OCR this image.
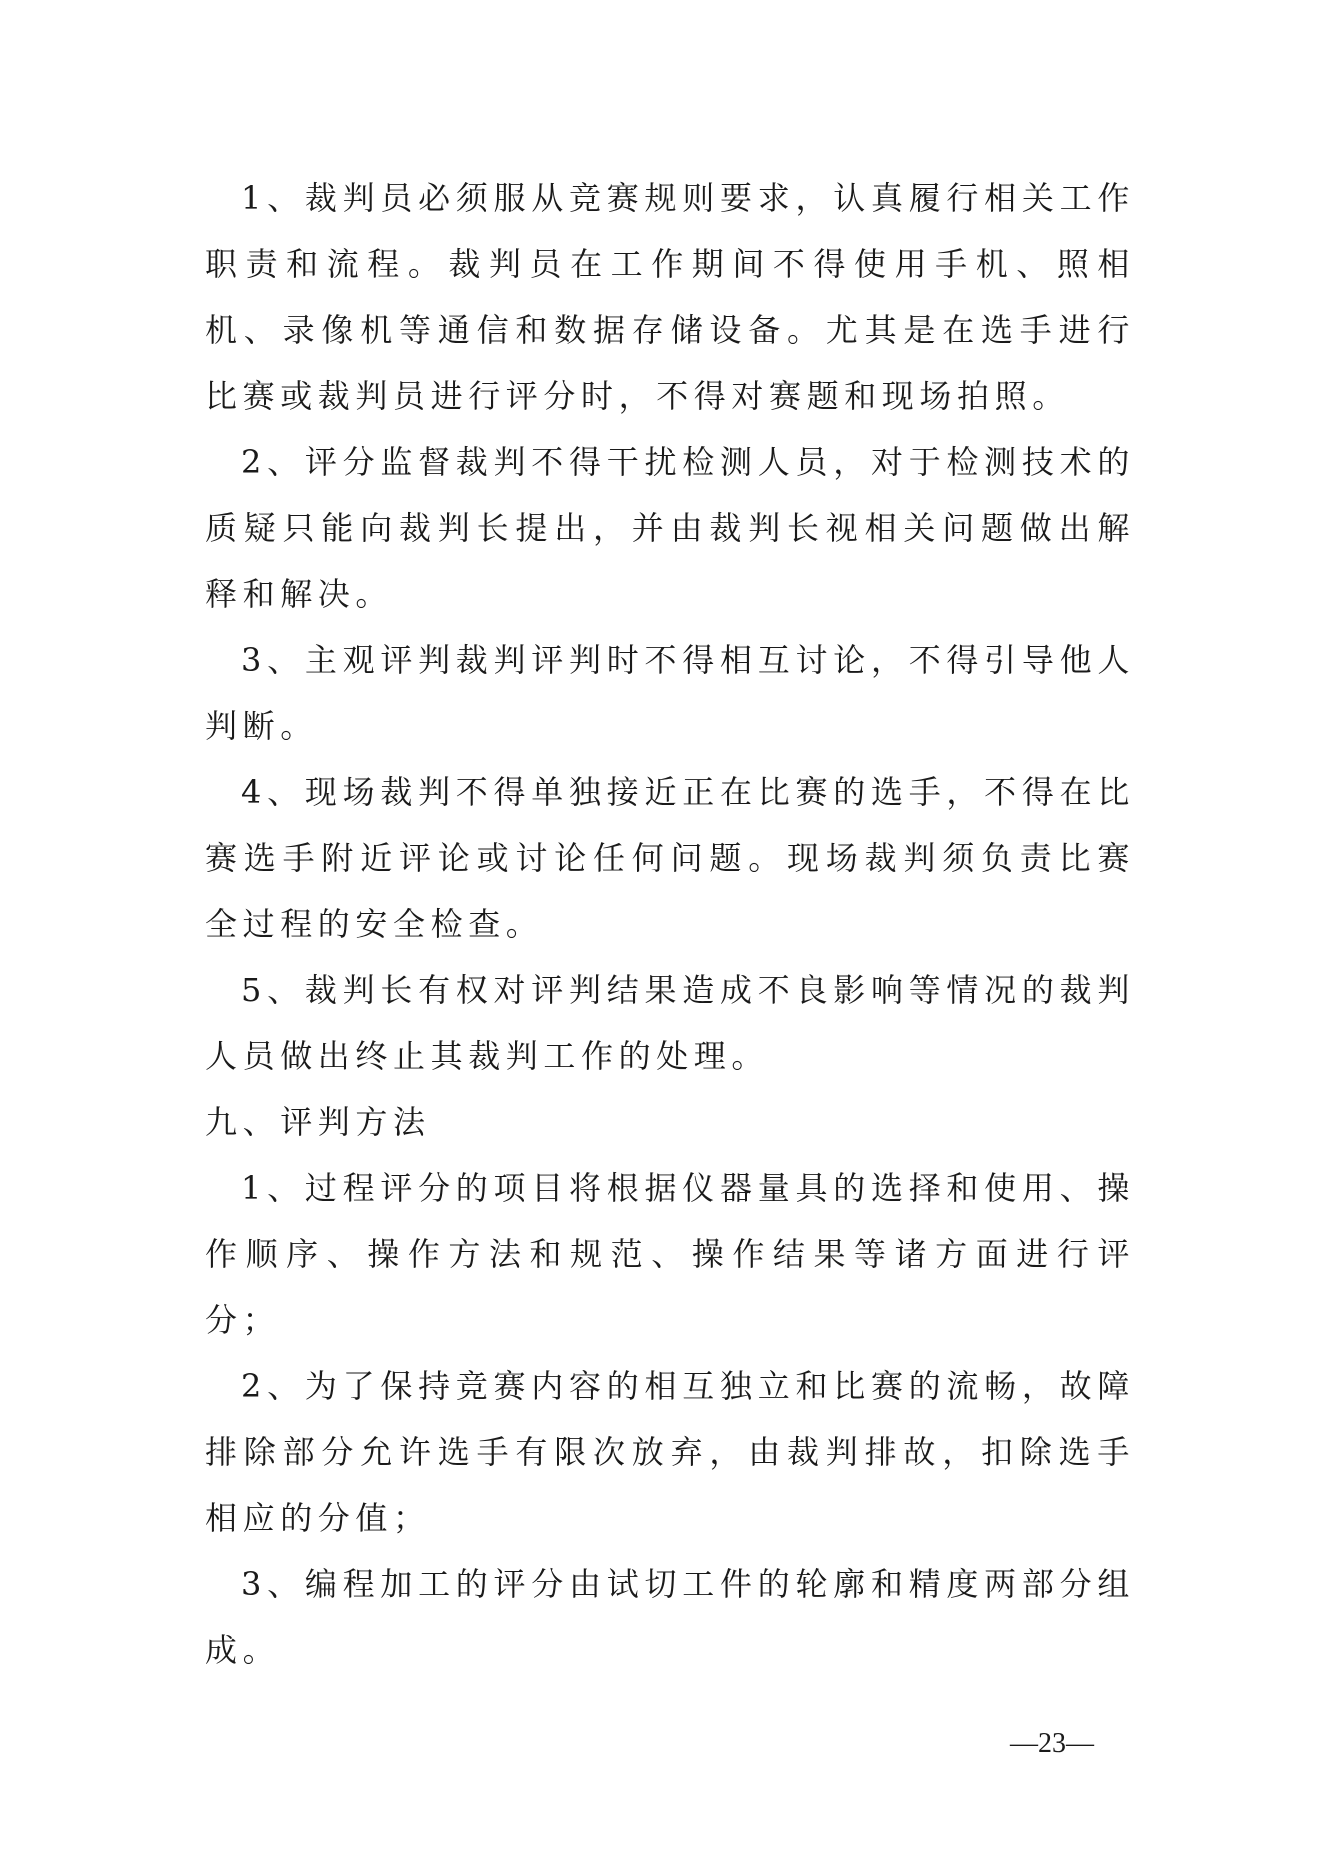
1、裁判员必须服从竞赛规则要求，认真履行相关工作职责和流程。裁判员在工作期间不得使用手机、照相机、录像机等通信和数据存储设备。尤其是在选手进行比赛或裁判员进行评分时，不得对赛题和现场拍照。

2、评分监督裁判不得干扰检测人员，对于检测技术的质疑只能向裁判长提出，并由裁判长视相关问题做出解释和解决。

3、主观评判裁判评判时不得相互讨论，不得引导他人判断。

4、现场裁判不得单独接近正在比赛的选手，不得在比赛选手附近评论或讨论任何问题。现场裁判须负责比赛全过程的安全检查。

5、裁判长有权对评判结果造成不良影响等情况的裁判人员做出终止其裁判工作的处理。

九、评判方法

1、过程评分的项目将根据仪器量具的选择和使用、操作顺序、操作方法和规范、操作结果等诸方面进行评分；

2、为了保持竞赛内容的相互独立和比赛的流畅，故障排除部分允许选手有限次放弃，由裁判排故，扣除选手相应的分值；

3、编程加工的评分由试切工件的轮廓和精度两部分组成。

—23—
